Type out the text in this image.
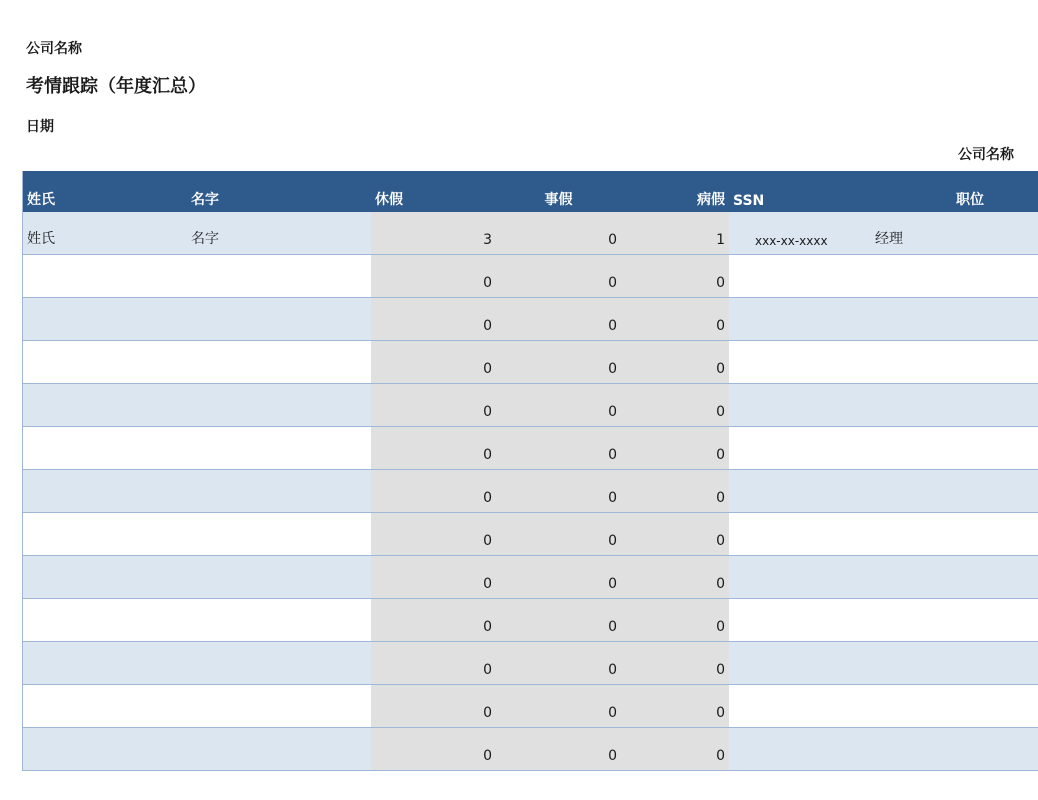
公司名称
考情跟踪（年度汇总）
日期
公司名称
姓氏	名字	休假	事假	病假	SSN	职位
姓氏	名字	3	0	1	xxx-xx-xxxx	经理
		0	0	0		
		0	0	0		
		0	0	0		
		0	0	0		
		0	0	0		
		0	0	0		
		0	0	0		
		0	0	0		
		0	0	0		
		0	0	0		
		0	0	0		
		0	0	0		
